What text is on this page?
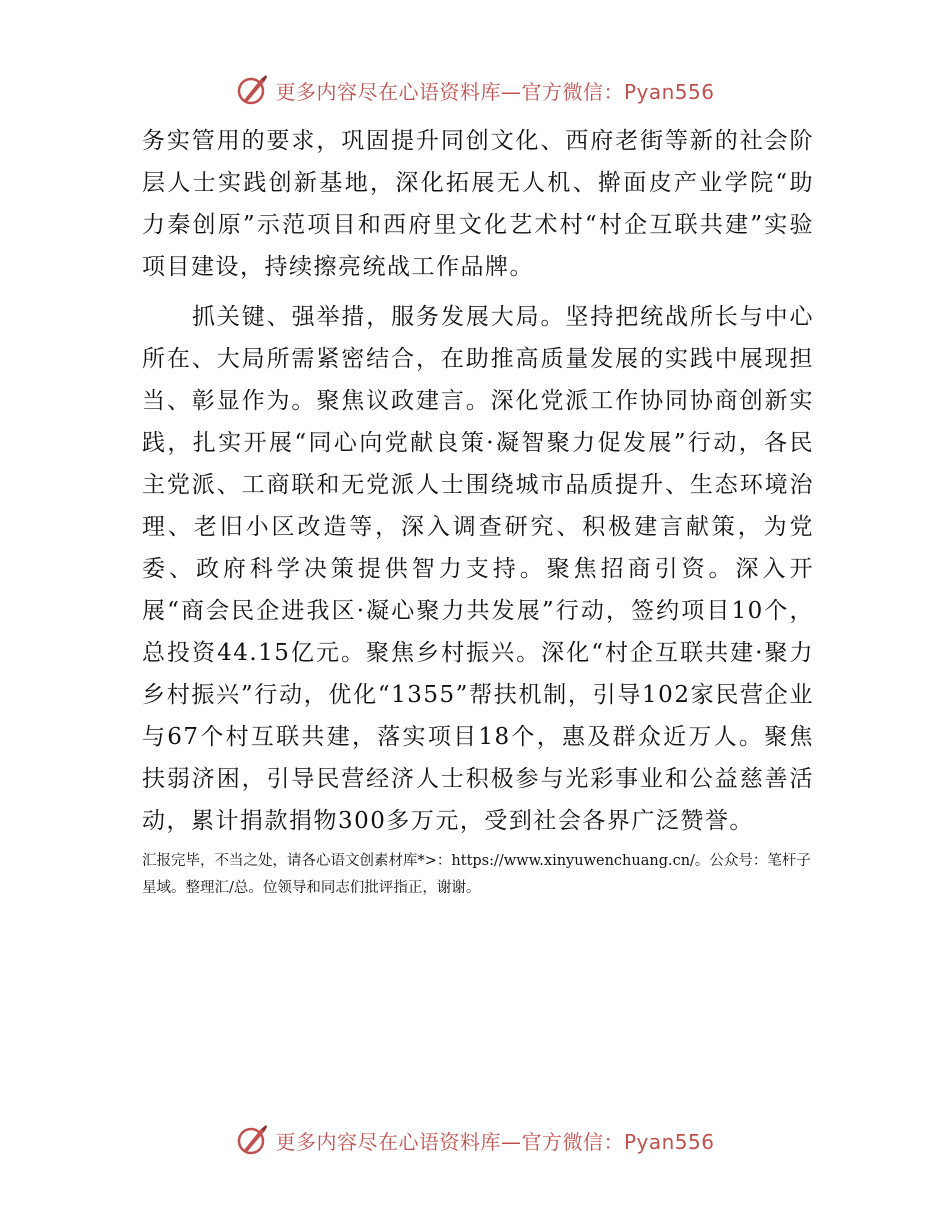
更多内容尽在心语资料库—官方微信：Pyan556

务实管用的要求，巩固提升同创文化、西府老街等新的社会阶层人士实践创新基地，深化拓展无人机、擀面皮产业学院“助力秦创原”示范项目和西府里文化艺术村“村企互联共建”实验项目建设，持续擦亮统战工作品牌。

抓关键、强举措，服务发展大局。坚持把统战所长与中心所在、大局所需紧密结合，在助推高质量发展的实践中展现担当、彰显作为。聚焦议政建言。深化党派工作协同协商创新实践，扎实开展“同心向党献良策·凝智聚力促发展”行动，各民主党派、工商联和无党派人士围绕城市品质提升、生态环境治理、老旧小区改造等，深入调查研究、积极建言献策，为党委、政府科学决策提供智力支持。聚焦招商引资。深入开展“商会民企进我区·凝心聚力共发展”行动，签约项目10个，总投资44.15亿元。聚焦乡村振兴。深化“村企互联共建·聚力乡村振兴”行动，优化“1355”帮扶机制，引导102家民营企业与67个村互联共建，落实项目18个，惠及群众近万人。聚焦扶弱济困，引导民营经济人士积极参与光彩事业和公益慈善活动，累计捐款捐物300多万元，受到社会各界广泛赞誉。

汇报完毕，不当之处，请各心语文创素材库*>：https://www.xinyuwenchuang.cn/。公众号：笔杆子星域。整理汇/总。位领导和同志们批评指正，谢谢。

更多内容尽在心语资料库—官方微信：Pyan556
